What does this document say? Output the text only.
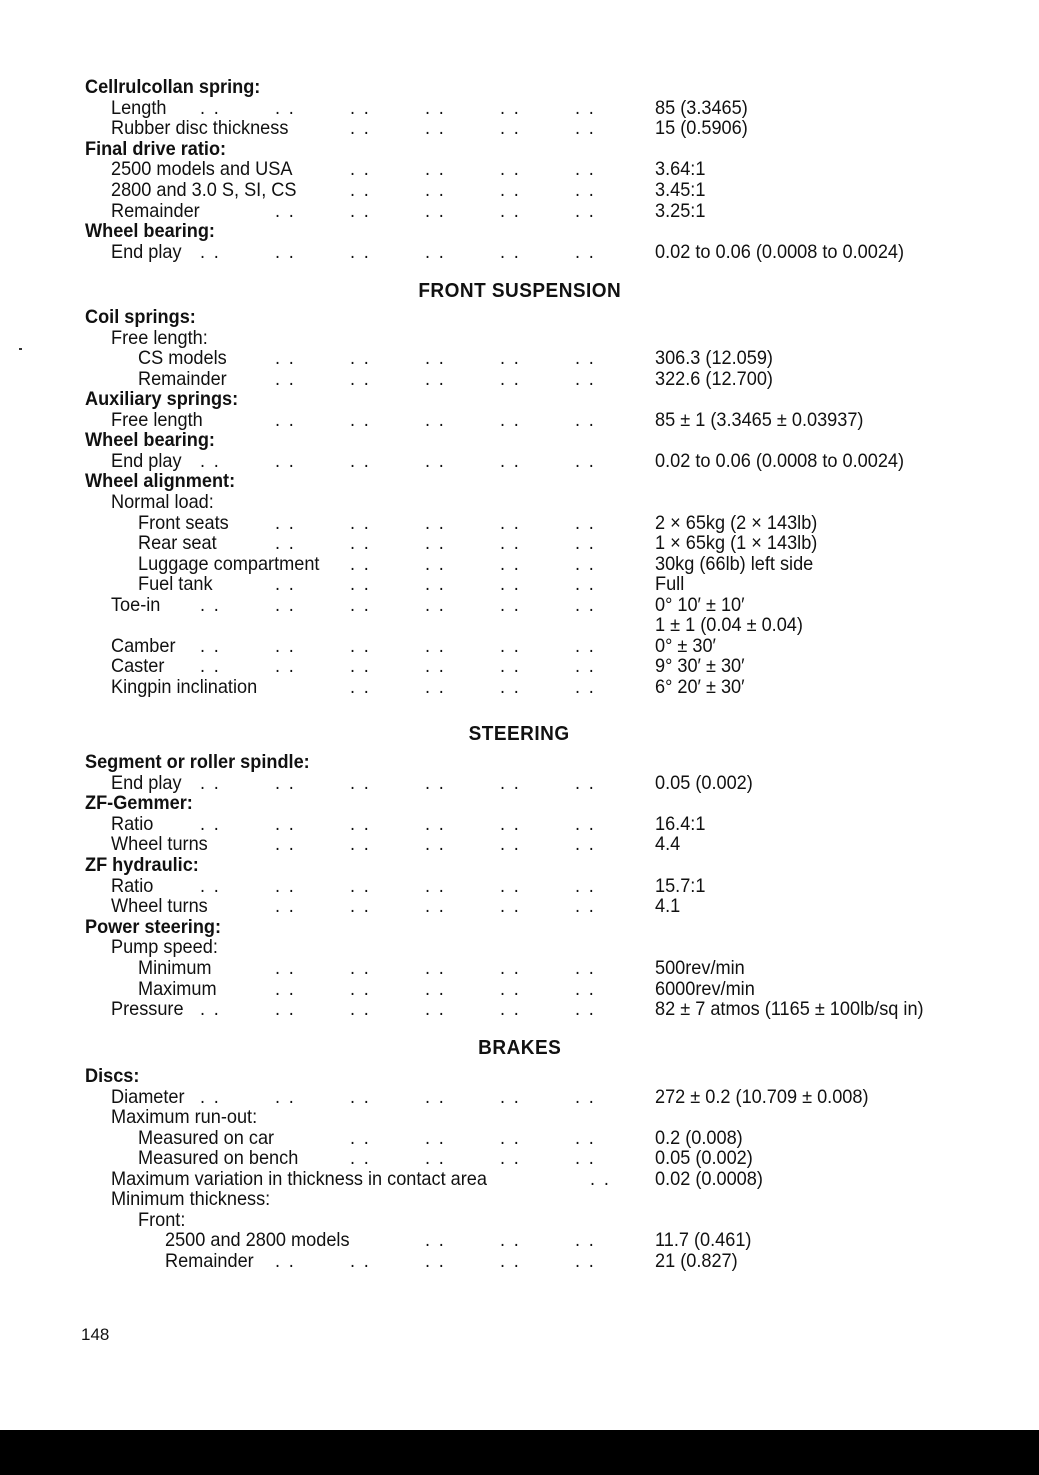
Cellrulcollan spring:
Length . .	. .	. .	. .	. .	. .	85 (3.3465)
Rubber disc thickness	. .	. .	. .	. .	15 (0.5906)
Final drive ratio:
2500 models and USA	. .	. .	. .	. .	3.64:1
2800 and 3.0 S, SI, CS	. .	. .	. .	. .	3.45:1
Remainder	. .	. .	. .	. .	. .	3.25:1
Wheel bearing:
End play . .	. .	. .	. .	. .	. .	0.02 to 0.06 (0.0008 to 0.0024)
FRONT SUSPENSION
Coil springs:
Free length:
CS models . .	. .	. .	. .	. .	306.3 (12.059)
Remainder . .	. .	. .	. .	. .	322.6 (12.700)
Auxiliary springs:
Free length	. .	. .	. .	. .	. .	85 ± 1 (3.3465 ± 0.03937)
Wheel bearing:
End play . .	. .	. .	. .	. .	. .	0.02 to 0.06 (0.0008 to 0.0024)
Wheel alignment:
Normal load:
Front seats . .	. .	. .	. .	. .	2 × 65kg (2 × 143lb)
Rear seat	. .	. .	. .	. .	. .	1 × 65kg (1 × 143lb)
Luggage compartment . .	. .	. .	. .	30kg (66lb) left side
Fuel tank	. .	. .	. .	. .	. .	Full
Toe-in . .	. .	. .	. .	. .	. .	0° 10′ ± 10′
1 ± 1 (0.04 ± 0.04)
Camber . .	. .	. .	. .	. .	. .	0° ± 30′
Caster . .	. .	. .	. .	. .	. .	9° 30′ ± 30′
Kingpin inclination	. .	. .	. .	. .	6° 20′ ± 30′
STEERING
Segment or roller spindle:
End play . .	. .	. .	. .	. .	. .	0.05 (0.002)
ZF-Gemmer:
Ratio . .	. .	. .	. .	. .	. .	16.4:1
Wheel turns	. .	. .	. .	. .	. .	4.4
ZF hydraulic:
Ratio . .	. .	. .	. .	. .	. .	15.7:1
Wheel turns	. .	. .	. .	. .	. .	4.1
Power steering:
Pump speed:
Minimum	. .	. .	. .	. .	. .	500rev/min
Maximum	. .	. .	. .	. .	. .	6000rev/min
Pressure . .	. .	. .	. .	. .	. .	82 ± 7 atmos (1165 ± 100lb/sq in)
BRAKES
Discs:
Diameter . .	. .	. .	. .	. .	. .	272 ± 0.2 (10.709 ± 0.008)
Maximum run-out:
Measured on car	. .	. .	. .	. .	0.2 (0.008)
Measured on bench	. .	. .	. .	. .	0.05 (0.002)
Maximum variation in thickness in contact area	. . 0.02 (0.0008)
Minimum thickness:
Front:
2500 and 2800 models	. .	. .	. .	11.7 (0.461)
Remainder . .	. .	. .	. .	. .	21 (0.827)
148
